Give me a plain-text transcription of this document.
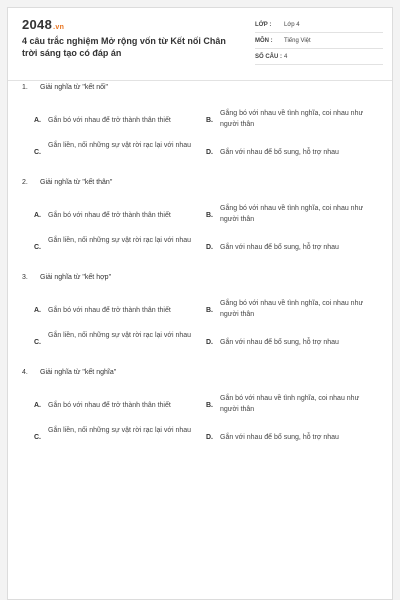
2048.vn
4 câu trắc nghiệm Mở rộng vốn từ Kết nối Chân trời sáng tạo có đáp án
LỚP : Lớp 4
MÔN : Tiếng Việt
SỐ CÂU : 4
1. Giải nghĩa từ "kết nối"
A. Gắn bó với nhau để trở thành thân thiết	B.
Gắng bó với nhau về tình nghĩa, coi nhau như người thân
C.
Gắn liền, nối những sự vật rời rạc lại với nhau
D. Gắn với nhau để bổ sung, hỗ trợ nhau
2. Giải nghĩa từ "kết thân"
A. Gắn bó với nhau để trở thành thân thiết	B.
Gắng bó với nhau về tình nghĩa, coi nhau như người thân
C.
Gắn liền, nối những sự vật rời rạc lại với nhau
D. Gắn với nhau để bổ sung, hỗ trợ nhau
3. Giải nghĩa từ "kết hợp"
A. Gắn bó với nhau để trở thành thân thiết	B.
Gắng bó với nhau về tình nghĩa, coi nhau như người thân
C.
Gắn liền, nối những sự vật rời rạc lại với nhau
D. Gắn với nhau để bổ sung, hỗ trợ nhau
4. Giải nghĩa từ "kết nghĩa"
A. Gắn bó với nhau để trở thành thân thiết	B.
Gắn bó với nhau về tình nghĩa, coi nhau như người thân
C.
Gắn liền, nối những sự vật rời rạc lại với nhau
D. Gắn với nhau để bổ sung, hỗ trợ nhau
